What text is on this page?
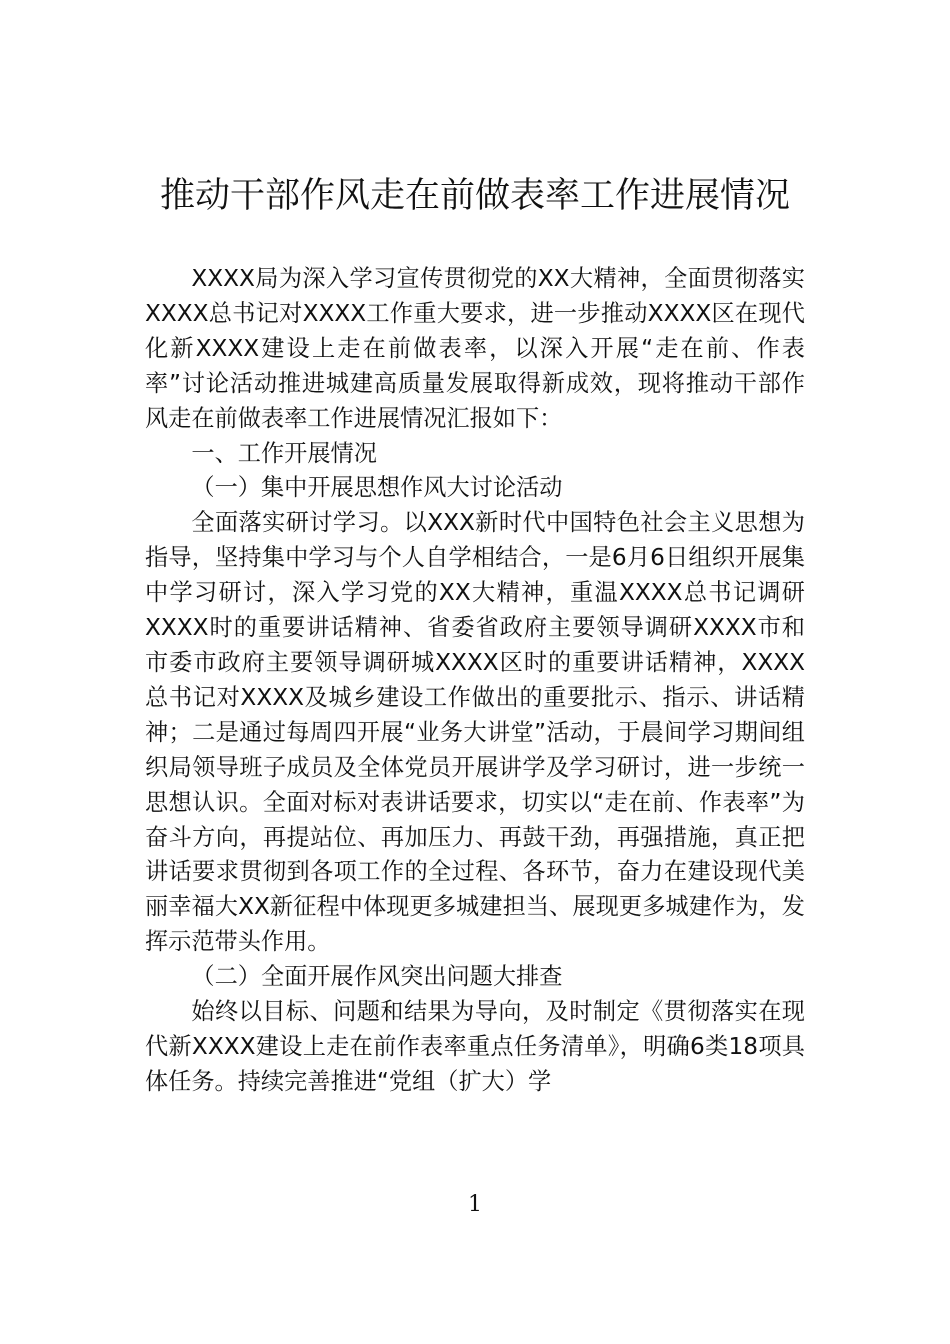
推动干部作风走在前做表率工作进展情况

XXXX局为深入学习宣传贯彻党的XX大精神，全面贯彻落实XXXX总书记对XXXX工作重大要求，进一步推动XXXX区在现代化新XXXX建设上走在前做表率，以深入开展“走在前、作表率”讨论活动推进城建高质量发展取得新成效，现将推动干部作风走在前做表率工作进展情况汇报如下：

一、工作开展情况

（一）集中开展思想作风大讨论活动

全面落实研讨学习。以XXX新时代中国特色社会主义思想为指导，坚持集中学习与个人自学相结合，一是6月6日组织开展集中学习研讨，深入学习党的XX大精神，重温XXXX总书记调研XXXX时的重要讲话精神、省委省政府主要领导调研XXXX市和市委市政府主要领导调研城XXXX区时的重要讲话精神，XXXX总书记对XXXX及城乡建设工作做出的重要批示、指示、讲话精神；二是通过每周四开展“业务大讲堂”活动，于晨间学习期间组织局领导班子成员及全体党员开展讲学及学习研讨，进一步统一思想认识。全面对标对表讲话要求，切实以“走在前、作表率”为奋斗方向，再提站位、再加压力、再鼓干劲，再强措施，真正把讲话要求贯彻到各项工作的全过程、各环节，奋力在建设现代美丽幸福大XX新征程中体现更多城建担当、展现更多城建作为，发挥示范带头作用。

（二）全面开展作风突出问题大排查

始终以目标、问题和结果为导向，及时制定《贯彻落实在现代新XXXX建设上走在前作表率重点任务清单》，明确6类18项具体任务。持续完善推进“党组（扩大）学

1
